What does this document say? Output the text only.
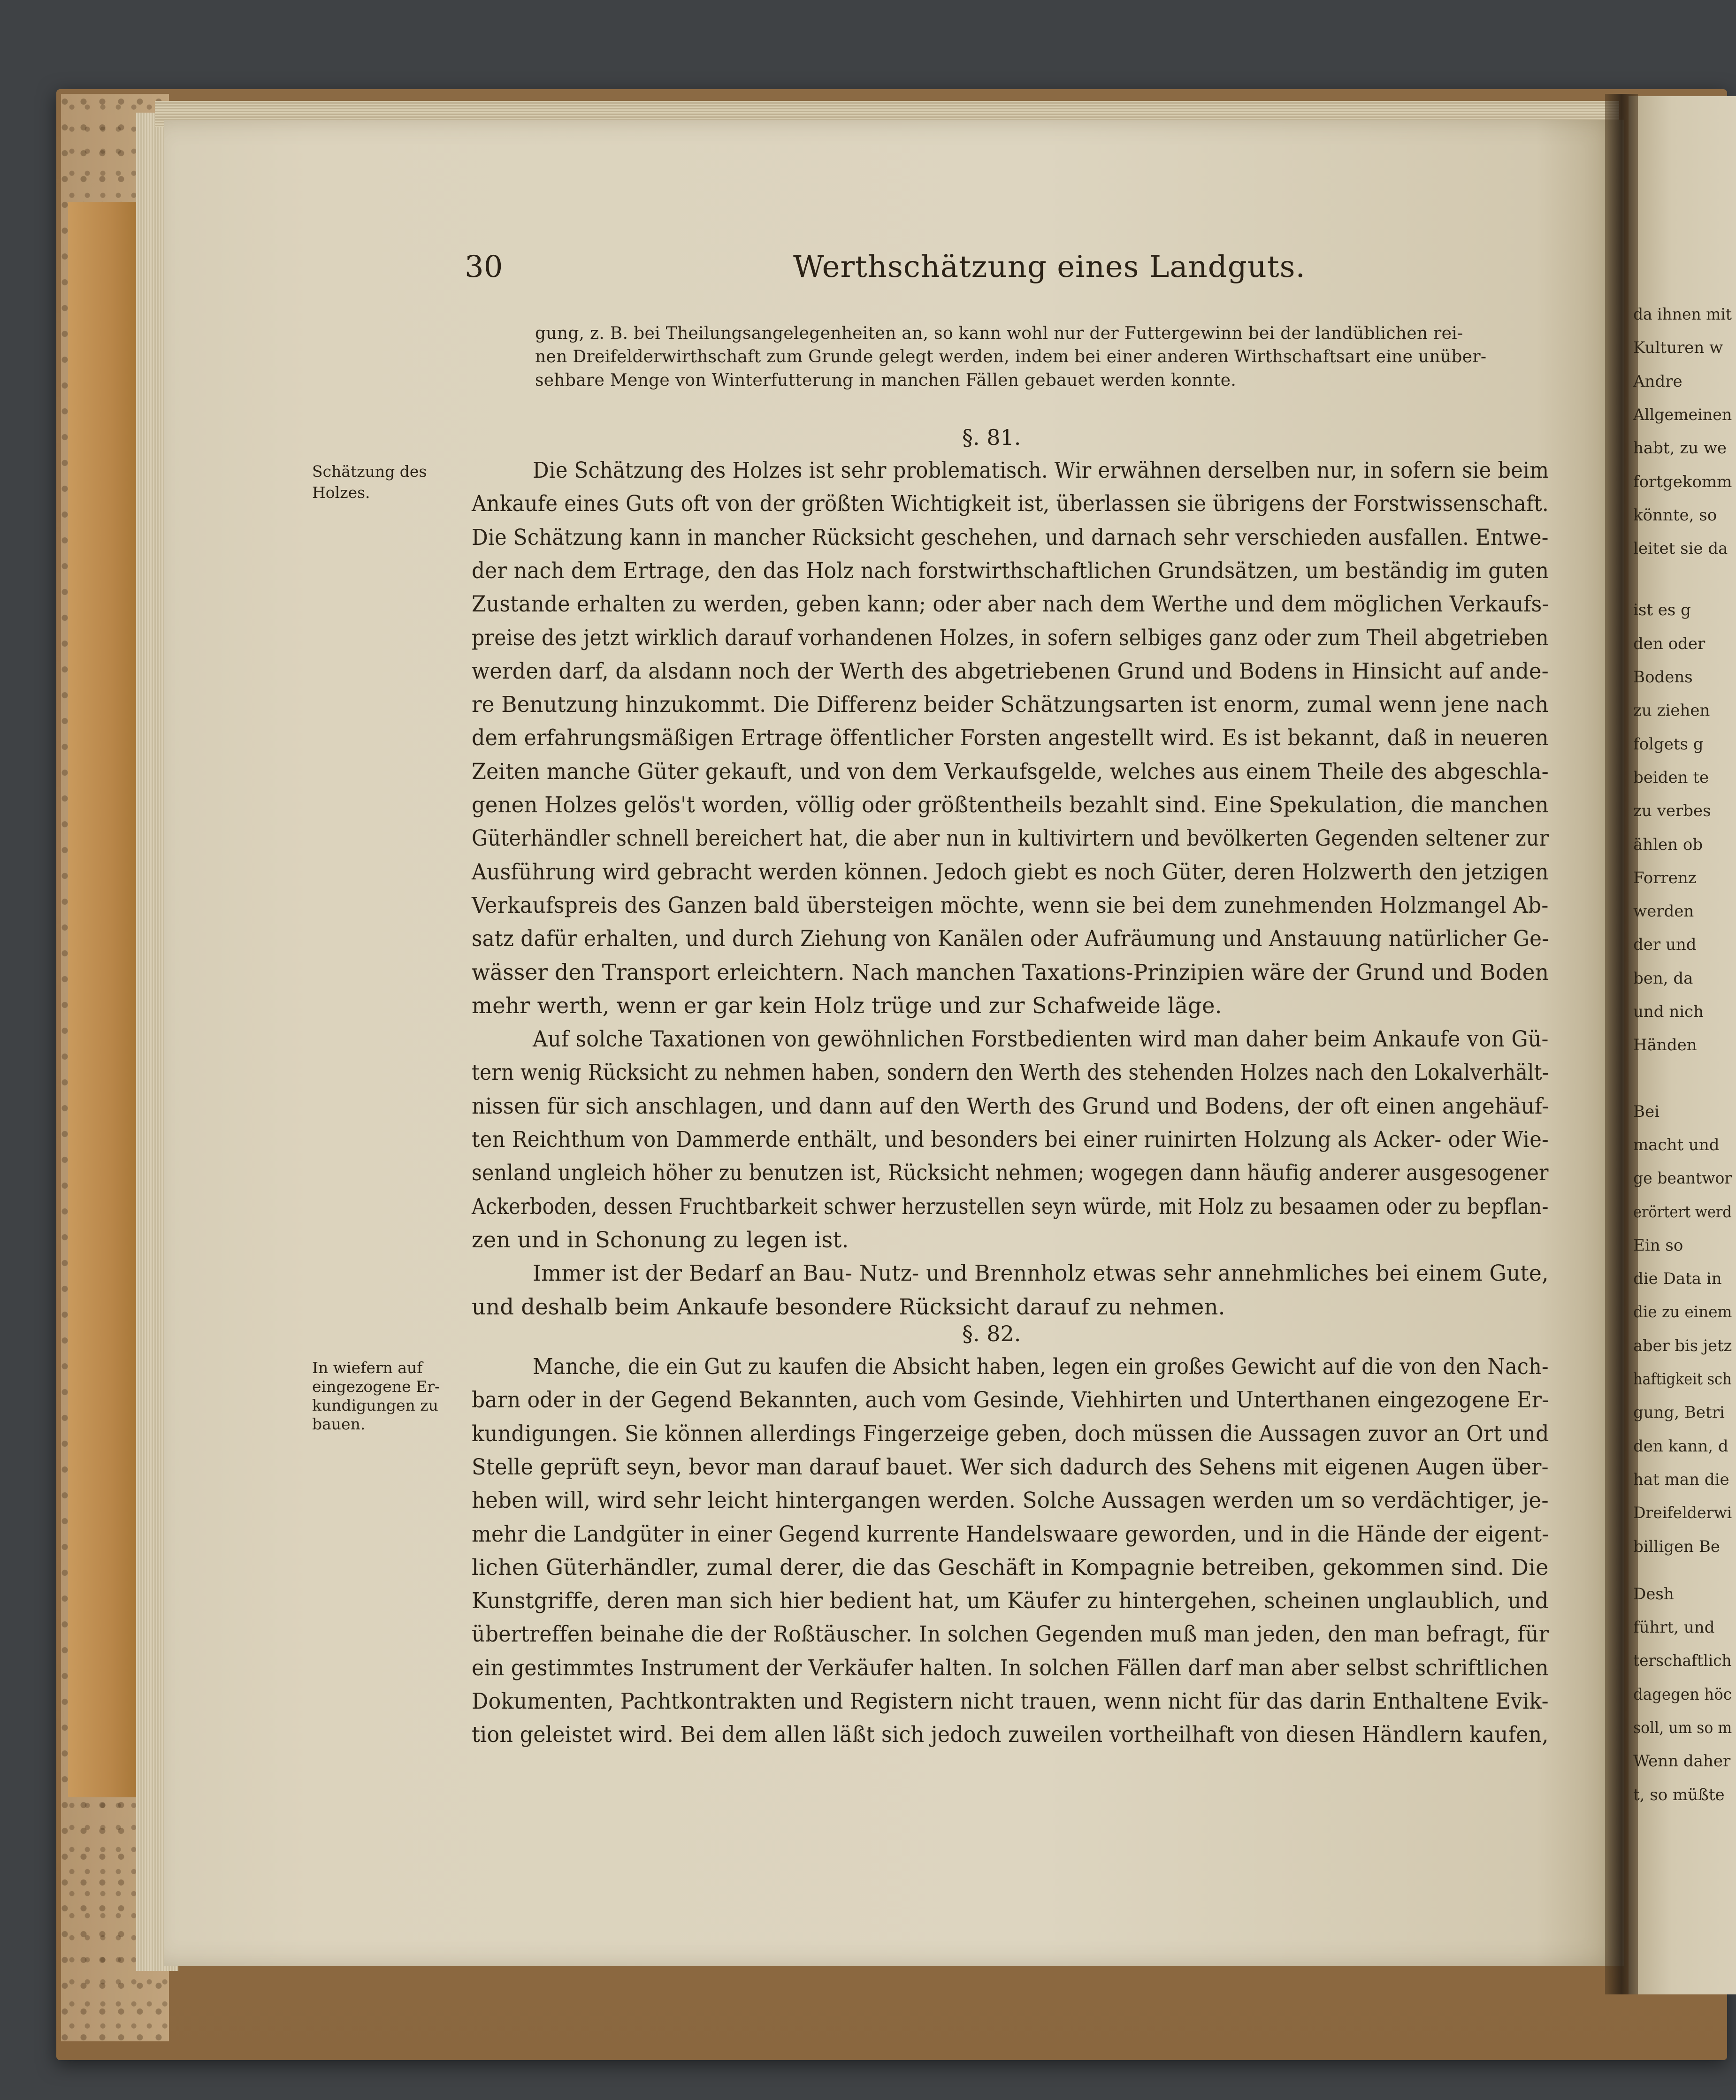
30	Werthschätzung eines Landguts.
gung, z. B. bei Theilungsangelegenheiten an, so kann wohl nur der Futtergewinn bei der landüblichen rei-
nen Dreifelderwirthschaft zum Grunde gelegt werden, indem bei einer anderen Wirthschaftsart eine unüber-
sehbare Menge von Winterfutterung in manchen Fällen gebauet werden konnte.
§. 81.
Schätzung des
Holzes.
Die Schätzung des Holzes ist sehr problematisch. Wir erwähnen derselben nur, in sofern sie beim
Ankaufe eines Guts oft von der größten Wichtigkeit ist, überlassen sie übrigens der Forstwissenschaft.
Die Schätzung kann in mancher Rücksicht geschehen, und darnach sehr verschieden ausfallen. Entwe-
der nach dem Ertrage, den das Holz nach forstwirthschaftlichen Grundsätzen, um beständig im guten
Zustande erhalten zu werden, geben kann; oder aber nach dem Werthe und dem möglichen Verkaufs-
preise des jetzt wirklich darauf vorhandenen Holzes, in sofern selbiges ganz oder zum Theil abgetrieben
werden darf, da alsdann noch der Werth des abgetriebenen Grund und Bodens in Hinsicht auf ande-
re Benutzung hinzukommt. Die Differenz beider Schätzungsarten ist enorm, zumal wenn jene nach
dem erfahrungsmäßigen Ertrage öffentlicher Forsten angestellt wird. Es ist bekannt, daß in neueren
Zeiten manche Güter gekauft, und von dem Verkaufsgelde, welches aus einem Theile des abgeschla-
genen Holzes gelös't worden, völlig oder größtentheils bezahlt sind. Eine Spekulation, die manchen
Güterhändler schnell bereichert hat, die aber nun in kultivirtern und bevölkerten Gegenden seltener zur
Ausführung wird gebracht werden können. Jedoch giebt es noch Güter, deren Holzwerth den jetzigen
Verkaufspreis des Ganzen bald übersteigen möchte, wenn sie bei dem zunehmenden Holzmangel Ab-
satz dafür erhalten, und durch Ziehung von Kanälen oder Aufräumung und Anstauung natürlicher Ge-
wässer den Transport erleichtern. Nach manchen Taxations-Prinzipien wäre der Grund und Boden
mehr werth, wenn er gar kein Holz trüge und zur Schafweide läge.
Auf solche Taxationen von gewöhnlichen Forstbedienten wird man daher beim Ankaufe von Gü-
tern wenig Rücksicht zu nehmen haben, sondern den Werth des stehenden Holzes nach den Lokalverhält-
nissen für sich anschlagen, und dann auf den Werth des Grund und Bodens, der oft einen angehäuf-
ten Reichthum von Dammerde enthält, und besonders bei einer ruinirten Holzung als Acker- oder Wie-
senland ungleich höher zu benutzen ist, Rücksicht nehmen; wogegen dann häufig anderer ausgesogener
Ackerboden, dessen Fruchtbarkeit schwer herzustellen seyn würde, mit Holz zu besaamen oder zu bepflan-
zen und in Schonung zu legen ist.
Immer ist der Bedarf an Bau- Nutz- und Brennholz etwas sehr annehmliches bei einem Gute,
und deshalb beim Ankaufe besondere Rücksicht darauf zu nehmen.
§. 82.
In wiefern auf
eingezogene Er-
kundigungen zu
bauen.
Manche, die ein Gut zu kaufen die Absicht haben, legen ein großes Gewicht auf die von den Nach-
barn oder in der Gegend Bekannten, auch vom Gesinde, Viehhirten und Unterthanen eingezogene Er-
kundigungen. Sie können allerdings Fingerzeige geben, doch müssen die Aussagen zuvor an Ort und
Stelle geprüft seyn, bevor man darauf bauet. Wer sich dadurch des Sehens mit eigenen Augen über-
heben will, wird sehr leicht hintergangen werden. Solche Aussagen werden um so verdächtiger, je-
mehr die Landgüter in einer Gegend kurrente Handelswaare geworden, und in die Hände der eigent-
lichen Güterhändler, zumal derer, die das Geschäft in Kompagnie betreiben, gekommen sind. Die
Kunstgriffe, deren man sich hier bedient hat, um Käufer zu hintergehen, scheinen unglaublich, und
übertreffen beinahe die der Roßtäuscher. In solchen Gegenden muß man jeden, den man befragt, für
ein gestimmtes Instrument der Verkäufer halten. In solchen Fällen darf man aber selbst schriftlichen
Dokumenten, Pachtkontrakten und Registern nicht trauen, wenn nicht für das darin Enthaltene Evik-
tion geleistet wird. Bei dem allen läßt sich jedoch zuweilen vortheilhaft von diesen Händlern kaufen,
da ihnen mit
Kulturen w
Andre
Allgemeinen
habt, zu we
fortgekomm
könnte, so
leitet sie da
ist es g
den oder
Bodens
zu ziehen
folgets g
beiden te
zu verbes
ählen ob
Forrenz
werden
der und
ben, da
und nich
Händen
Bei
macht und
ge beantwor
erörtert werd
Ein so
die Data in
die zu einem
aber bis jetz
haftigkeit sch
gung, Betri
den kann, d
hat man die
Dreifelderwi
billigen Be
Desh
führt, und
terschaftlich
dagegen höc
soll, um so m
Wenn daher
t, so müßte
